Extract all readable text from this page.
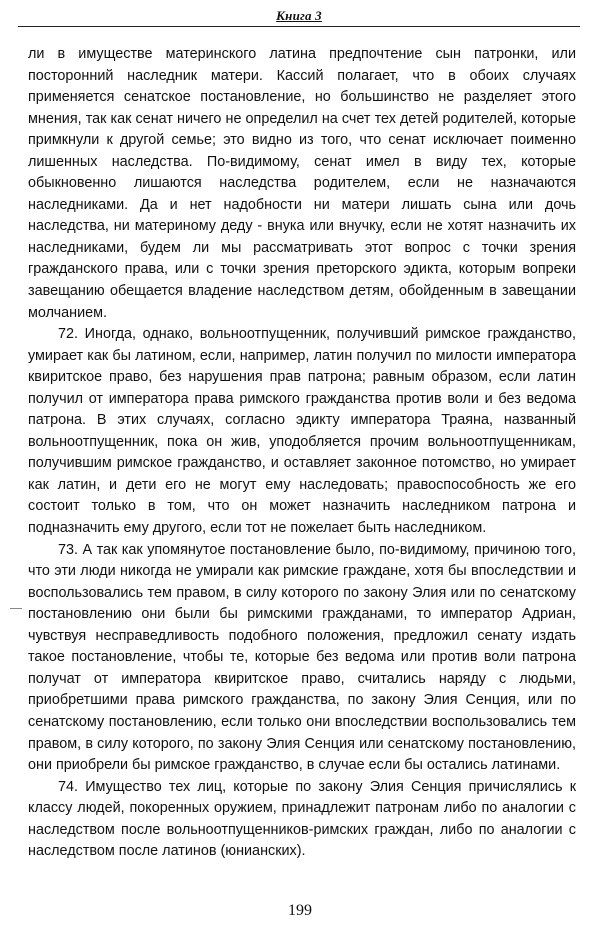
Книга 3

ли в имуществе материнского латина предпочтение сын патронки, или посторонний наследник матери. Кассий полагает, что в обоих случаях применяется сенатское постановление, но большинство не разделяет этого мнения, так как сенат ничего не определил на счет тех детей родителей, которые примкнули к другой семье; это видно из того, что сенат исключает поименно лишенных наследства. По-видимому, сенат имел в виду тех, которые обыкновенно лишаются наследства родителем, если не назначаются наследниками. Да и нет надобности ни матери лишать сына или дочь наследства, ни материному деду - внука или внучку, если не хотят назначить их наследниками, будем ли мы рассматривать этот вопрос с точки зрения гражданского права, или с точки зрения преторского эдикта, которым вопреки завещанию обещается владение наследством детям, обойденным в завещании молчанием.

72. Иногда, однако, вольноотпущенник, получивший римское гражданство, умирает как бы латином, если, например, латин получил по милости императора квиритское право, без нарушения прав патрона; равным образом, если латин получил от императора права римского гражданства против воли и без ведома патрона. В этих случаях, согласно эдикту императора Траяна, названный вольноотпущенник, пока он жив, уподобляется прочим вольноотпущенникам, получившим римское гражданство, и оставляет законное потомство, но умирает как латин, и дети его не могут ему наследовать; правоспособность же его состоит только в том, что он может назначить наследником патрона и подназначить ему другого, если тот не пожелает быть наследником.

73. А так как упомянутое постановление было, по-видимому, причиною того, что эти люди никогда не умирали как римские граждане, хотя бы впоследствии и воспользовались тем правом, в силу которого по закону Элия или по сенатскому постановлению они были бы римскими гражданами, то император Адриан, чувствуя несправедливость подобного положения, предложил сенату издать такое постановление, чтобы те, которые без ведома или против воли патрона получат от императора квиритское право, считались наряду с людьми, приобретшими права римского гражданства, по закону Элия Сенция, или по сенатскому постановлению, если только они впоследствии воспользовались тем правом, в силу которого, по закону Элия Сенция или сенатскому постановлению, они приобрели бы римское гражданство, в случае если бы остались латинами.

74. Имущество тех лиц, которые по закону Элия Сенция причислялись к классу людей, покоренных оружием, принадлежит патронам либо по аналогии с наследством после вольноотпущенников-римских граждан, либо по аналогии с наследством после латинов (юнианских).

199
